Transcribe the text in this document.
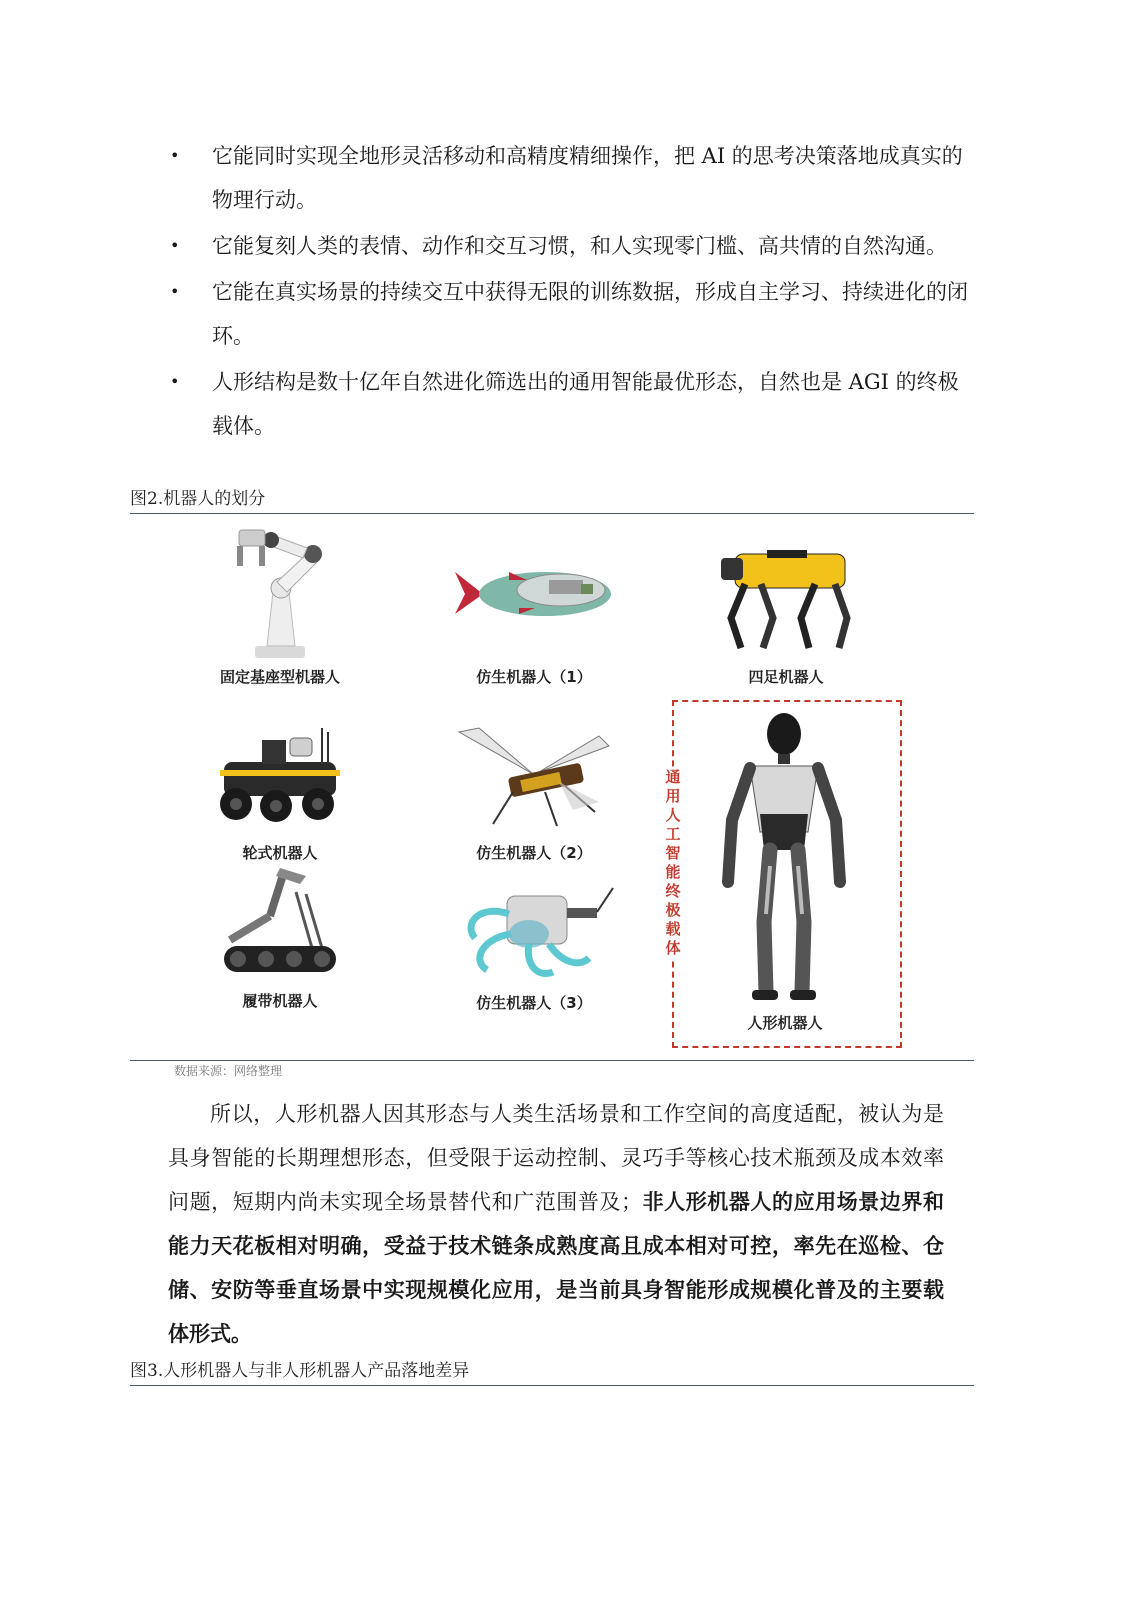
• 它能同时实现全地形灵活移动和高精度精细操作，把 AI 的思考决策落地成真实的物理行动。
• 它能复刻人类的表情、动作和交互习惯，和人实现零门槛、高共情的自然沟通。
• 它能在真实场景的持续交互中获得无限的训练数据，形成自主学习、持续进化的闭环。
• 人形结构是数十亿年自然进化筛选出的通用智能最优形态，自然也是 AGI 的终极载体。
图2.机器人的划分
固定基座型机器人	仿生机器人（1）	四足机器人
轮式机器人	仿生机器人（2）
履带机器人	仿生机器人（3）
通用人工智能终极载体
人形机器人
数据来源：网络整理

所以，人形机器人因其形态与人类生活场景和工作空间的高度适配，被认为是具身智能的长期理想形态，但受限于运动控制、灵巧手等核心技术瓶颈及成本效率问题，短期内尚未实现全场景替代和广范围普及；非人形机器人的应用场景边界和能力天花板相对明确，受益于技术链条成熟度高且成本相对可控，率先在巡检、仓储、安防等垂直场景中实现规模化应用，是当前具身智能形成规模化普及的主要载体形式。

图3.人形机器人与非人形机器人产品落地差异
